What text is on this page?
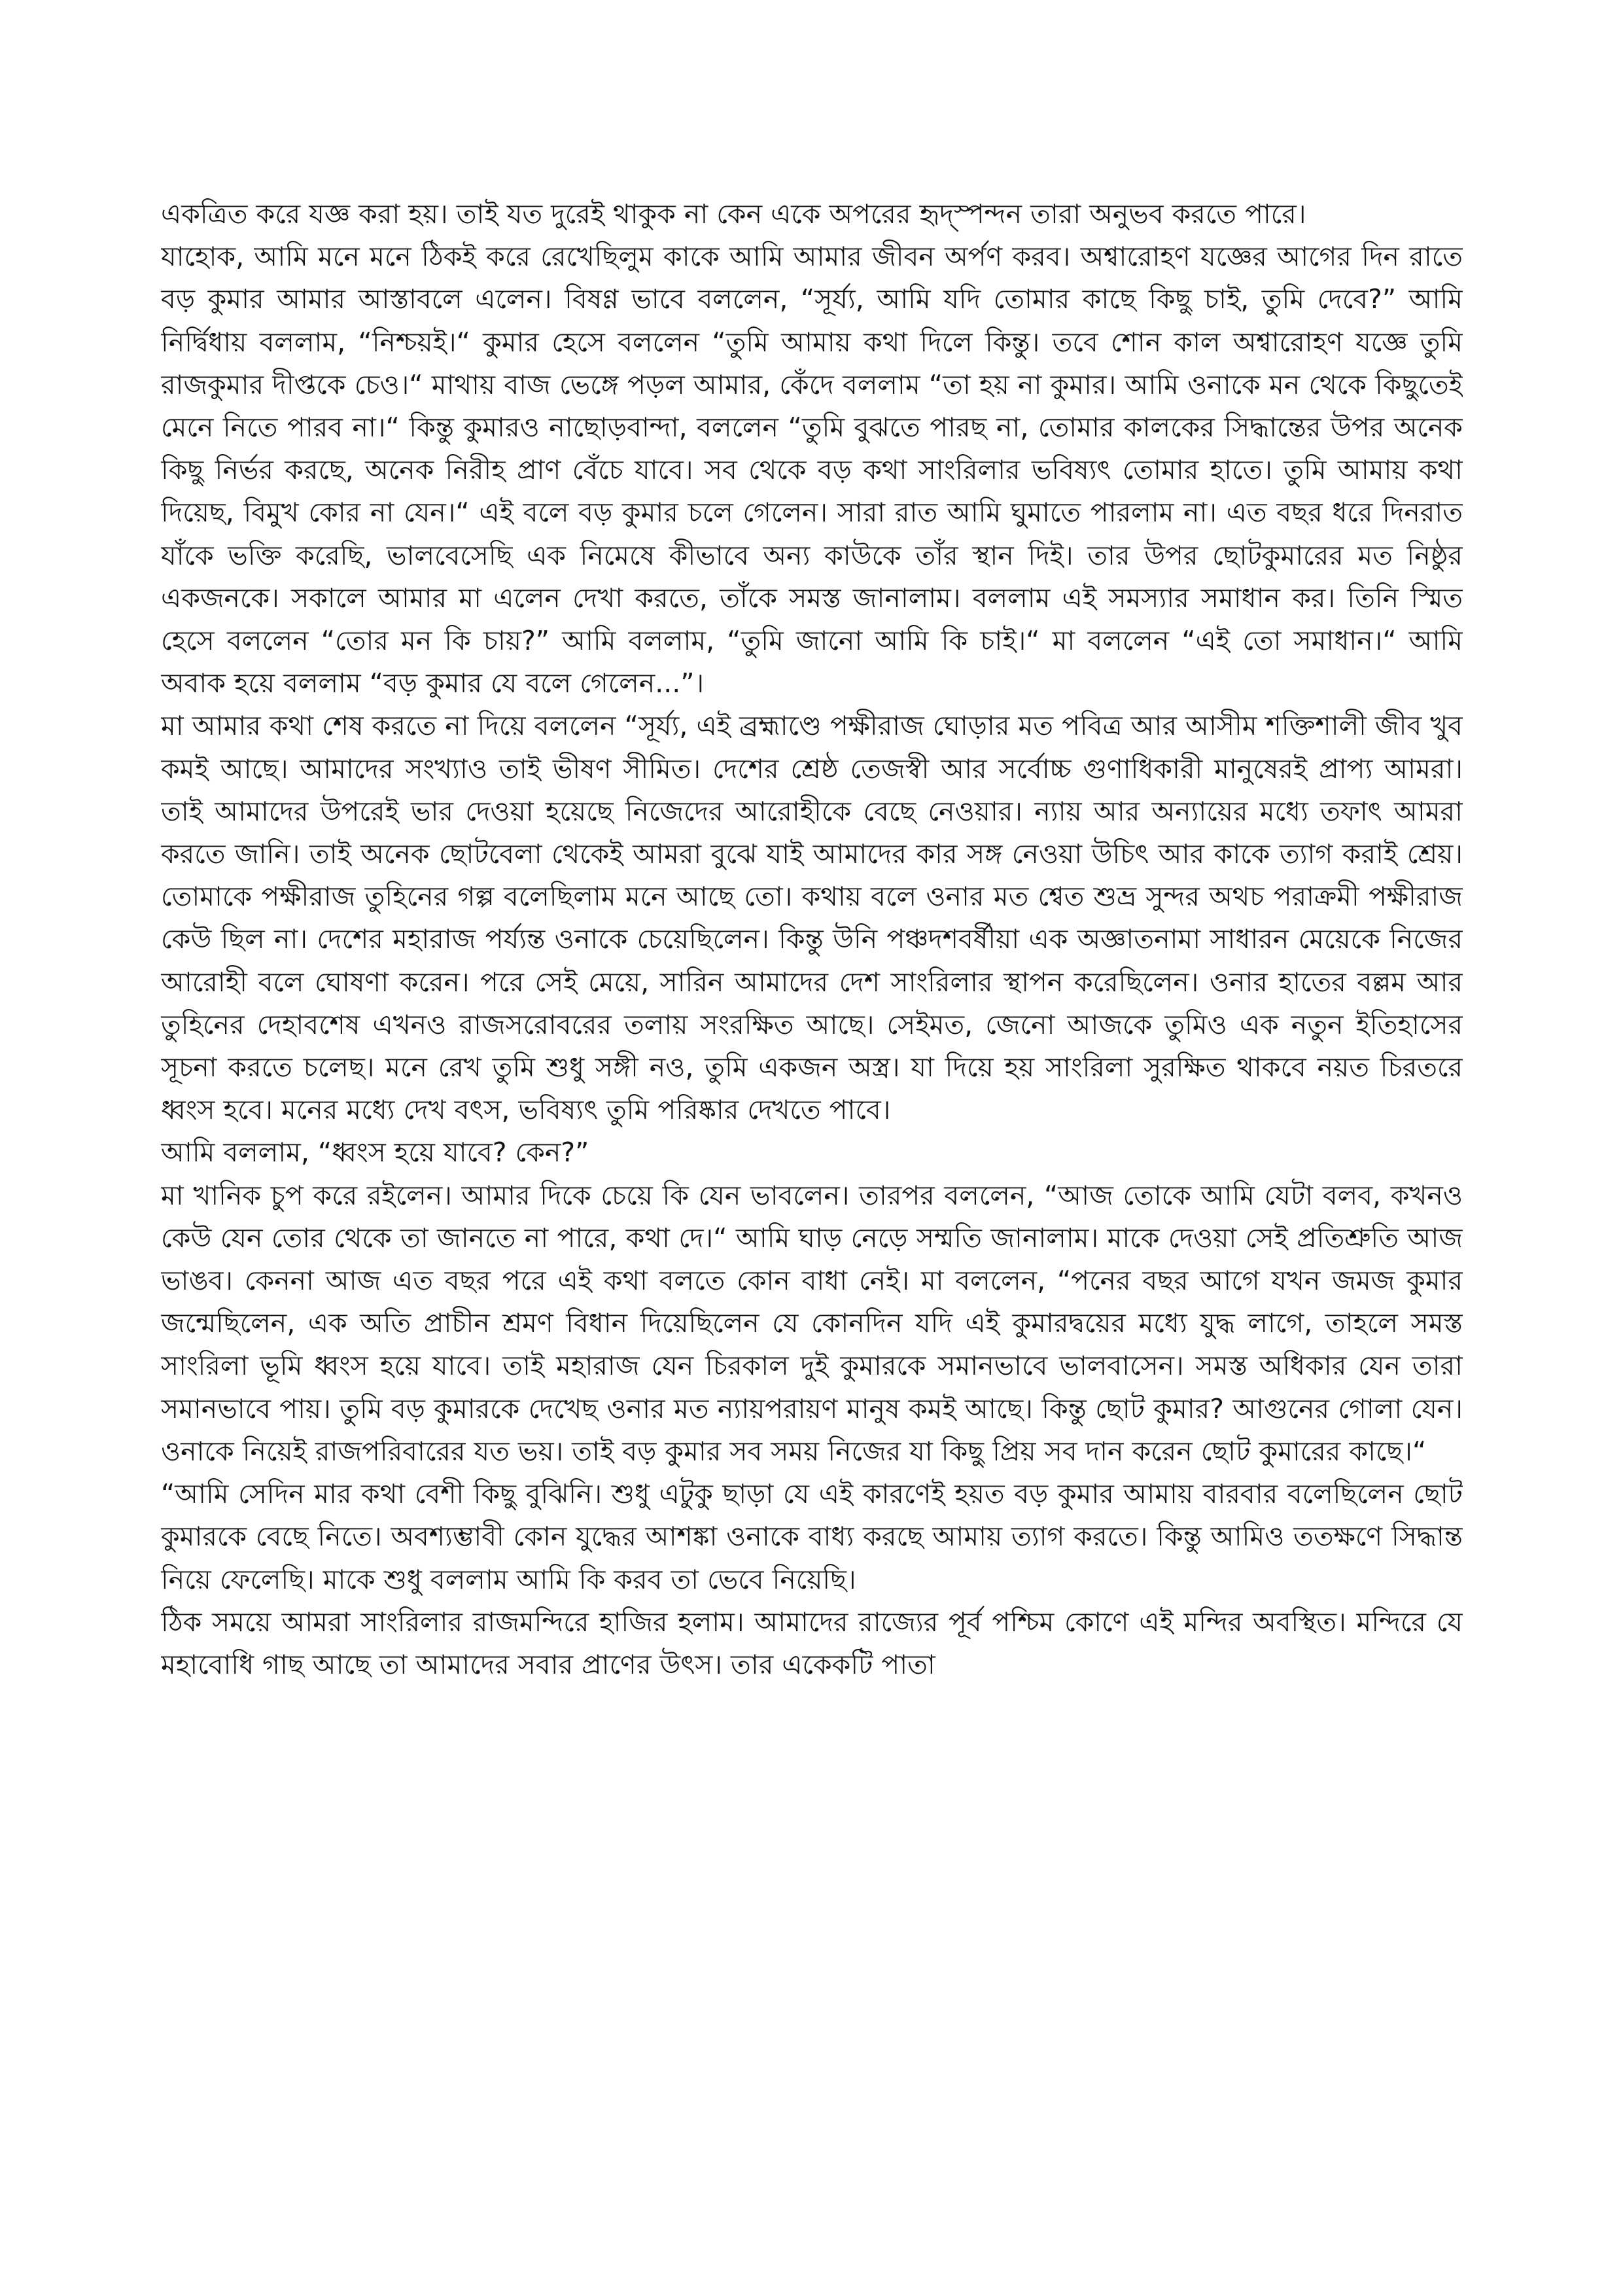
একত্রিত করে যজ্ঞ করা হয়। তাই যত দুরেই থাকুক না কেন একে অপরের হৃদ্‌স্পন্দন তারা অনুভব করতে পারে।

যাহোক, আমি মনে মনে ঠিকই করে রেখেছিলুম কাকে আমি আমার জীবন অর্পণ করব। অশ্বারোহণ যজ্ঞের আগের দিন রাতে বড় কুমার আমার আস্তাবলে এলেন। বিষণ্ণ ভাবে বললেন, “সূর্য্য, আমি যদি তোমার কাছে কিছু চাই, তুমি দেবে?” আমি নির্দ্বিধায় বললাম, “নিশ্চয়ই।“ কুমার হেসে বললেন “তুমি আমায় কথা দিলে কিন্তু। তবে শোন কাল অশ্বারোহণ যজ্ঞে তুমি রাজকুমার দীপ্তকে চেও।“ মাথায় বাজ ভেঙ্গে পড়ল আমার, কেঁদে বললাম “তা হয় না কুমার। আমি ওনাকে মন থেকে কিছুতেই মেনে নিতে পারব না।“ কিন্তু কুমারও নাছোড়বান্দা, বললেন “তুমি বুঝতে পারছ না, তোমার কালকের সিদ্ধান্তের উপর অনেক কিছু নির্ভর করছে, অনেক নিরীহ প্রাণ বেঁচে যাবে। সব থেকে বড় কথা সাংরিলার ভবিষ্যৎ তোমার হাতে। তুমি আমায় কথা দিয়েছ, বিমুখ কোর না যেন।“ এই বলে বড় কুমার চলে গেলেন। সারা রাত আমি ঘুমাতে পারলাম না। এত বছর ধরে দিনরাত যাঁকে ভক্তি করেছি, ভালবেসেছি এক নিমেষে কীভাবে অন্য কাউকে তাঁর স্থান দিই। তার উপর ছোটকুমারের মত নিষ্ঠুর একজনকে। সকালে আমার মা এলেন দেখা করতে, তাঁকে সমস্ত জানালাম। বললাম এই সমস্যার সমাধান কর। তিনি স্মিত হেসে বললেন “তোর মন কি চায়?” আমি বললাম, “তুমি জানো আমি কি চাই।“ মা বললেন “এই তো সমাধান।“ আমি অবাক হয়ে বললাম “বড় কুমার যে বলে গেলেন...”।

মা আমার কথা শেষ করতে না দিয়ে বললেন “সূর্য্য, এই ব্রহ্মাণ্ডে পক্ষীরাজ ঘোড়ার মত পবিত্র আর আসীম শক্তিশালী জীব খুব কমই আছে। আমাদের সংখ্যাও তাই ভীষণ সীমিত। দেশের শ্রেষ্ঠ তেজস্বী আর সর্বোচ্চ গুণাধিকারী মানুষেরই প্রাপ্য আমরা। তাই আমাদের উপরেই ভার দেওয়া হয়েছে নিজেদের আরোহীকে বেছে নেওয়ার। ন্যায় আর অন্যায়ের মধ্যে তফাৎ আমরা করতে জানি। তাই অনেক ছোটবেলা থেকেই আমরা বুঝে যাই আমাদের কার সঙ্গ নেওয়া উচিৎ আর কাকে ত্যাগ করাই শ্রেয়। তোমাকে পক্ষীরাজ তুহিনের গল্প বলেছিলাম মনে আছে তো। কথায় বলে ওনার মত শ্বেত শুভ্র সুন্দর অথচ পরাক্রমী পক্ষীরাজ কেউ ছিল না। দেশের মহারাজ পর্য্যন্ত ওনাকে চেয়েছিলেন। কিন্তু উনি পঞ্চদশবর্ষীয়া এক অজ্ঞাতনামা সাধারন মেয়েকে নিজের আরোহী বলে ঘোষণা করেন। পরে সেই মেয়ে, সারিন আমাদের দেশ সাংরিলার স্থাপন করেছিলেন। ওনার হাতের বল্লম আর তুহিনের দেহাবশেষ এখনও রাজসরোবরের তলায় সংরক্ষিত আছে। সেইমত, জেনো আজকে তুমিও এক নতুন ইতিহাসের সূচনা করতে চলেছ। মনে রেখ তুমি শুধু সঙ্গী নও, তুমি একজন অস্ত্র। যা দিয়ে হয় সাংরিলা সুরক্ষিত থাকবে নয়ত চিরতরে ধ্বংস হবে। মনের মধ্যে দেখ বৎস, ভবিষ্যৎ তুমি পরিষ্কার দেখতে পাবে।

আমি বললাম, “ধ্বংস হয়ে যাবে? কেন?”

মা খানিক চুপ করে রইলেন। আমার দিকে চেয়ে কি যেন ভাবলেন। তারপর বললেন, “আজ তোকে আমি যেটা বলব, কখনও কেউ যেন তোর থেকে তা জানতে না পারে, কথা দে।“ আমি ঘাড় নেড়ে সম্মতি জানালাম। মাকে দেওয়া সেই প্রতিশ্রুতি আজ ভাঙব। কেননা আজ এত বছর পরে এই কথা বলতে কোন বাধা নেই। মা বললেন, “পনের বছর আগে যখন জমজ কুমার জন্মেছিলেন, এক অতি প্রাচীন শ্রমণ বিধান দিয়েছিলেন যে কোনদিন যদি এই কুমারদ্বয়ের মধ্যে যুদ্ধ লাগে, তাহলে সমস্ত সাংরিলা ভূমি ধ্বংস হয়ে যাবে। তাই মহারাজ যেন চিরকাল দুই কুমারকে সমানভাবে ভালবাসেন। সমস্ত অধিকার যেন তারা সমানভাবে পায়। তুমি বড় কুমারকে দেখেছ ওনার মত ন্যায়পরায়ণ মানুষ কমই আছে। কিন্তু ছোট কুমার? আগুনের গোলা যেন। ওনাকে নিয়েই রাজপরিবারের যত ভয়। তাই বড় কুমার সব সময় নিজের যা কিছু প্রিয় সব দান করেন ছোট কুমারের কাছে।“

“আমি সেদিন মার কথা বেশী কিছু বুঝিনি। শুধু এটুকু ছাড়া যে এই কারণেই হয়ত বড় কুমার আমায় বারবার বলেছিলেন ছোট কুমারকে বেছে নিতে। অবশ্যম্ভাবী কোন যুদ্ধের আশঙ্কা ওনাকে বাধ্য করছে আমায় ত্যাগ করতে। কিন্তু আমিও ততক্ষণে সিদ্ধান্ত নিয়ে ফেলেছি। মাকে শুধু বললাম আমি কি করব তা ভেবে নিয়েছি।

ঠিক সময়ে আমরা সাংরিলার রাজমন্দিরে হাজির হলাম। আমাদের রাজ্যের পূর্ব পশ্চিম কোণে এই মন্দির অবস্থিত। মন্দিরে যে মহাবোধি গাছ আছে তা আমাদের সবার প্রাণের উৎস। তার একেকটি পাতা
